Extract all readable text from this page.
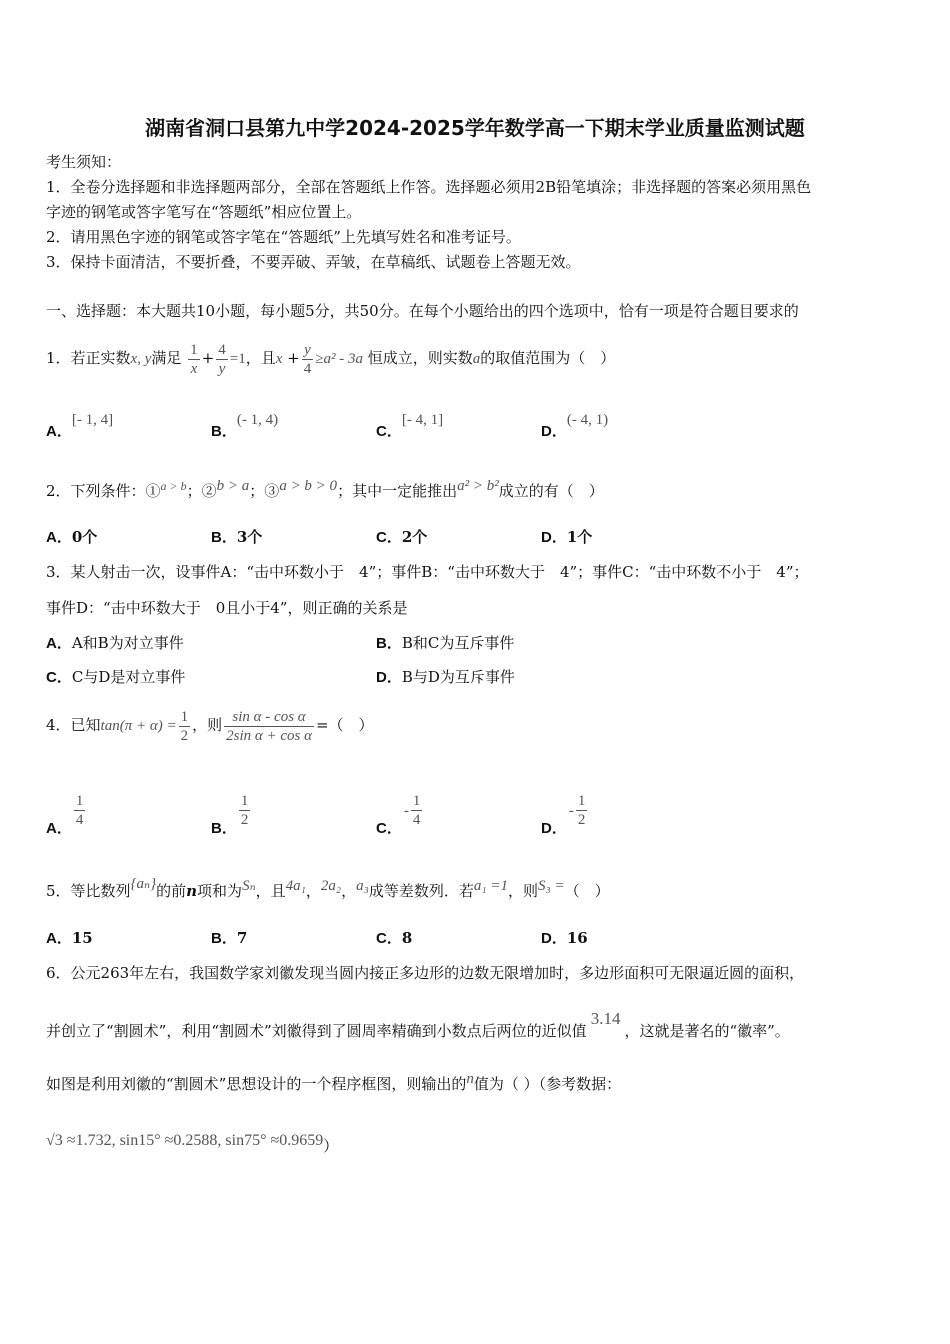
湖南省洞口县第九中学2024-2025学年数学高一下期末学业质量监测试题
考生须知：
1．全卷分选择题和非选择题两部分，全部在答题纸上作答。选择题必须用2B铅笔填涂；非选择题的答案必须用黑色
字迹的钢笔或答字笔写在“答题纸”相应位置上。
2．请用黑色字迹的钢笔或答字笔在“答题纸”上先填写姓名和准考证号。
3．保持卡面清洁，不要折叠，不要弄破、弄皱，在草稿纸、试题卷上答题无效。
一、选择题：本大题共10小题，每小题5分，共50分。在每个小题给出的四个选项中，恰有一项是符合题目要求的
1．若正实数x, y满足 $\frac{1}{x} + \frac{4}{y} =1$，且$x + \frac{y}{4} \ge a^2 - 3a$ 恒成立，则实数a的取值范围为（　）
A．[- 1, 4]
B．(- 1, 4)
C．[- 4, 1]
D．(- 4, 1)
2．下列条件：①$^{a > b}$；②b > a；③a > b > 0；其中一定能推出a² > b²成立的有（　）
A．0个	B．3个	C．2个	D．1个
3．某人射击一次，设事件A：“击中环数小于　4”；事件B：“击中环数大于　4”；事件C：“击中环数不小于　4”；
事件D：“击中环数大于　0且小于4”，则正确的关系是
A．A和B为对立事件	B．B和C为互斥事件
C．C与D是对立事件	D．B与D为互斥事件
4．已知$\tan(\pi + \alpha) = \frac{1}{2}$ ，则 $\frac{\text{sin α - cos α}}{\text{2sin α + cos α}}$ =（　）
A． $\frac{1}{4}$	B． $\frac{1}{2}$	C．- $\frac{1}{4}$	D．- $\frac{1}{2}$
5．等比数列{aₙ}的前n项和为Sₙ，且4a₁，2a₂，a₃成等差数列．若a₁ =1，则S₃ =（　）
A．15	B．7	C．8	D．16
6．公元263年左右，我国数学家刘徽发现当圆内接正多边形的边数无限增加时，多边形面积可无限逼近圆的面积，
并创立了“割圆术”，利用“割圆术”刘徽得到了圆周率精确到小数点后两位的近似值3.14，这就是著名的“徽率”。
如图是利用刘徽的“割圆术”思想设计的一个程序框图，则输出的n值为（ ）（参考数据：
√3 ≈1.732, sin15° ≈0.2588, sin75° ≈0.9659）
